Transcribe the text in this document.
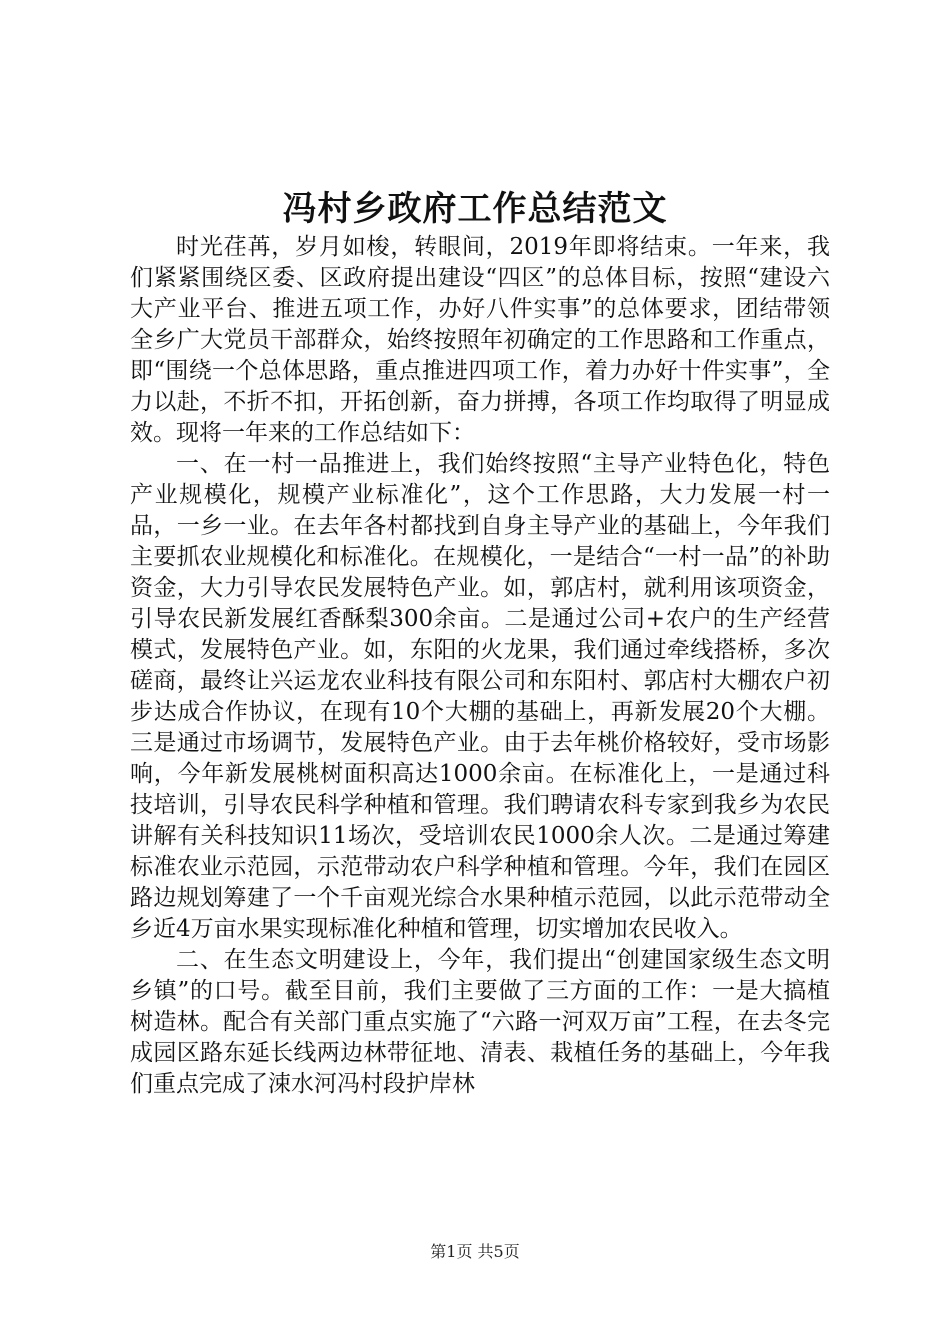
冯村乡政府工作总结范文

时光荏苒，岁月如梭，转眼间，2019年即将结束。一年来，我们紧紧围绕区委、区政府提出建设“四区”的总体目标，按照“建设六大产业平台、推进五项工作，办好八件实事”的总体要求，团结带领全乡广大党员干部群众，始终按照年初确定的工作思路和工作重点，即“围绕一个总体思路，重点推进四项工作，着力办好十件实事”，全力以赴，不折不扣，开拓创新，奋力拼搏，各项工作均取得了明显成效。现将一年来的工作总结如下：

一、在一村一品推进上，我们始终按照“主导产业特色化，特色产业规模化，规模产业标准化”，这个工作思路，大力发展一村一品，一乡一业。在去年各村都找到自身主导产业的基础上，今年我们主要抓农业规模化和标准化。在规模化，一是结合“一村一品”的补助资金，大力引导农民发展特色产业。如，郭店村，就利用该项资金，引导农民新发展红香酥梨300余亩。二是通过公司+农户的生产经营模式，发展特色产业。如，东阳的火龙果，我们通过牵线搭桥，多次磋商，最终让兴运龙农业科技有限公司和东阳村、郭店村大棚农户初步达成合作协议，在现有10个大棚的基础上，再新发展20个大棚。三是通过市场调节，发展特色产业。由于去年桃价格较好，受市场影响，今年新发展桃树面积高达1000余亩。在标准化上，一是通过科技培训，引导农民科学种植和管理。我们聘请农科专家到我乡为农民讲解有关科技知识11场次，受培训农民1000余人次。二是通过筹建标准农业示范园，示范带动农户科学种植和管理。今年，我们在园区路边规划筹建了一个千亩观光综合水果种植示范园，以此示范带动全乡近4万亩水果实现标准化种植和管理，切实增加农民收入。

二、在生态文明建设上，今年，我们提出“创建国家级生态文明乡镇”的口号。截至目前，我们主要做了三方面的工作：一是大搞植树造林。配合有关部门重点实施了“六路一河双万亩”工程，在去冬完成园区路东延长线两边林带征地、清表、栽植任务的基础上，今年我们重点完成了涑水河冯村段护岸林

第1页 共5页
